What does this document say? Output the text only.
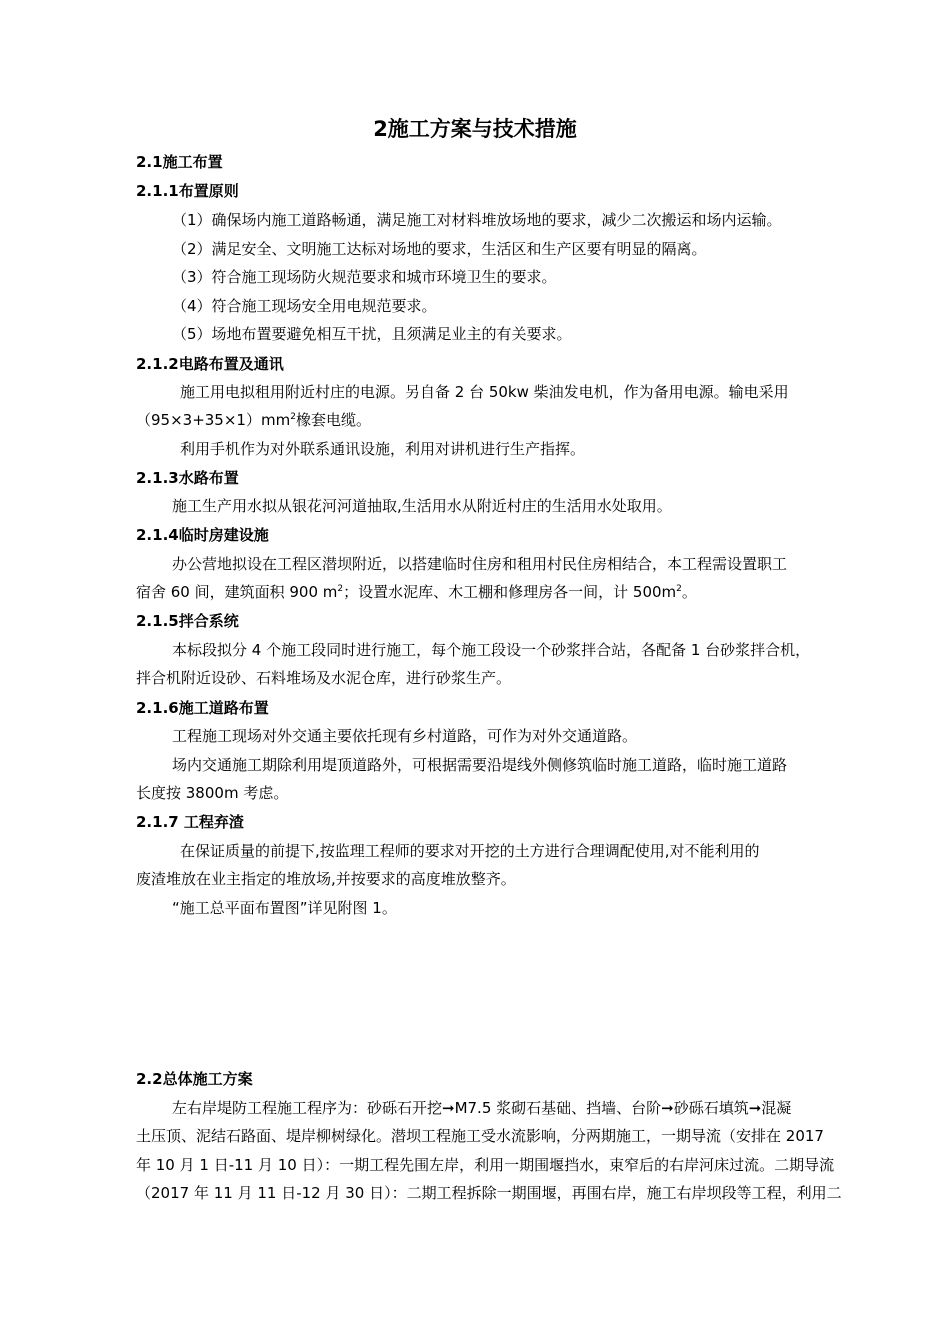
2施工方案与技术措施
2.1施工布置
2.1.1布置原则
（1）确保场内施工道路畅通，满足施工对材料堆放场地的要求，减少二次搬运和场内运输。
（2）满足安全、文明施工达标对场地的要求，生活区和生产区要有明显的隔离。
（3）符合施工现场防火规范要求和城市环境卫生的要求。
（4）符合施工现场安全用电规范要求。
（5）场地布置要避免相互干扰，且须满足业主的有关要求。
2.1.2电路布置及通讯
施工用电拟租用附近村庄的电源。另自备 2 台 50kw 柴油发电机，作为备用电源。输电采用
$(95\times 3+35\times 1)mm^2$橡套电缆。
利用手机作为对外联系通讯设施，利用对讲机进行生产指挥。
2.1.3水路布置
施工生产用水拟从银花河河道抽取,生活用水从附近村庄的生活用水处取用。
2.1.4临时房建设施
办公营地拟设在工程区潜坝附近，以搭建临时住房和租用村民住房相结合，本工程需设置职工
宿舍 60 间，建筑面积 900 $m^2$；设置水泥库、木工棚和修理房各一间，计 $500m^2$。
2.1.5拌合系统
本标段拟分 4 个施工段同时进行施工，每个施工段设一个砂浆拌合站，各配备 1 台砂浆拌合机，
拌合机附近设砂、石料堆场及水泥仓库，进行砂浆生产。
2.1.6施工道路布置
工程施工现场对外交通主要依托现有乡村道路，可作为对外交通道路。
场内交通施工期除利用堤顶道路外，可根据需要沿堤线外侧修筑临时施工道路，临时施工道路
长度按 3800m 考虑。
2.1.7 工程弃渣
在保证质量的前提下,按监理工程师的要求对开挖的土方进行合理调配使用,对不能利用的
废渣堆放在业主指定的堆放场,并按要求的高度堆放整齐。
“施工总平面布置图”详见附图 1。
2.2总体施工方案
左右岸堤防工程施工程序为：砂砾石开挖➞M7.5 浆砌石基础、挡墙、台阶➞砂砾石填筑➞混凝
土压顶、泥结石路面、堤岸柳树绿化。潜坝工程施工受水流影响，分两期施工，一期导流（安排在 2017
年 10 月 1 日-11 月 10 日）：一期工程先围左岸，利用一期围堰挡水，束窄后的右岸河床过流。二期导流
（2017 年 11 月 11 日-12 月 30 日）：二期工程拆除一期围堰，再围右岸，施工右岸坝段等工程，利用二
